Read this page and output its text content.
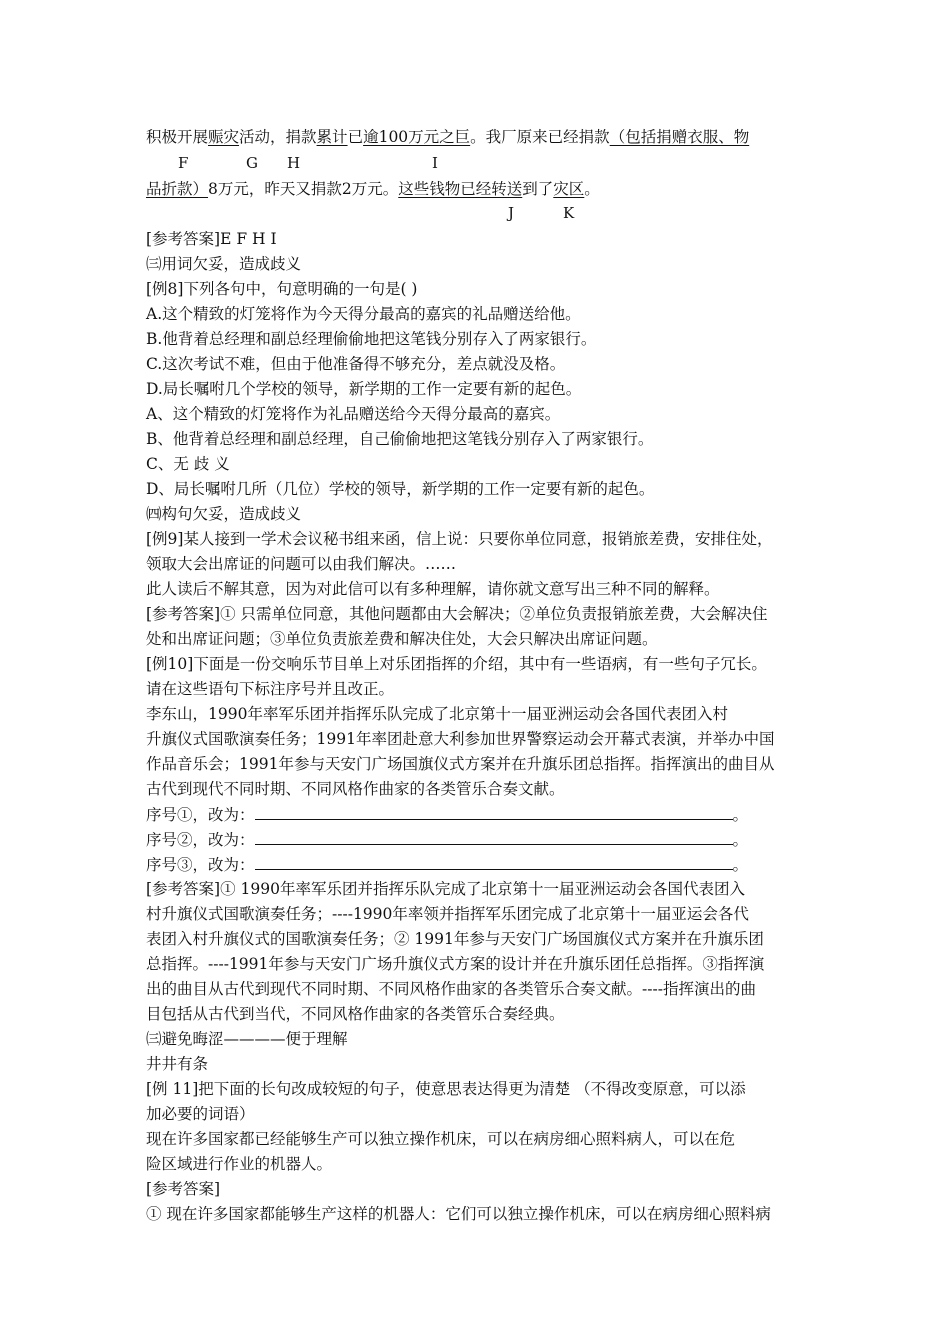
积极开展赈灾活动，捐款累计已逾100万元之巨。我厂原来已经捐款（包括捐赠衣服、物
F	G H	I
品折款）8万元，昨天又捐款2万元。这些钱物已经转送到了灾区。
J	K
[参考答案]E F H I
㈢用词欠妥，造成歧义
[例8]下列各句中，句意明确的一句是( )
A.这个精致的灯笼将作为今天得分最高的嘉宾的礼品赠送给他。
B.他背着总经理和副总经理偷偷地把这笔钱分别存入了两家银行。
C.这次考试不难，但由于他准备得不够充分，差点就没及格。
D.局长嘱咐几个学校的领导，新学期的工作一定要有新的起色。
A、这个精致的灯笼将作为礼品赠送给今天得分最高的嘉宾。
B、他背着总经理和副总经理，自己偷偷地把这笔钱分别存入了两家银行。
C、无 歧 义
D、局长嘱咐几所（几位）学校的领导，新学期的工作一定要有新的起色。
㈣构句欠妥，造成歧义
[例9]某人接到一学术会议秘书组来函，信上说：只要你单位同意，报销旅差费，安排住处，
领取大会出席证的问题可以由我们解决。……
此人读后不解其意，因为对此信可以有多种理解，请你就文意写出三种不同的解释。
[参考答案]① 只需单位同意，其他问题都由大会解决；②单位负责报销旅差费，大会解决住
处和出席证问题；③单位负责旅差费和解决住处，大会只解决出席证问题。
[例10]下面是一份交响乐节目单上对乐团指挥的介绍，其中有一些语病，有一些句子冗长。
请在这些语句下标注序号并且改正。
李东山，1990年率军乐团并指挥乐队完成了北京第十一届亚洲运动会各国代表团入村
升旗仪式国歌演奏任务；1991年率团赴意大利参加世界警察运动会开幕式表演，并举办中国
作品音乐会；1991年参与天安门广场国旗仪式方案并在升旗乐团总指挥。指挥演出的曲目从
古代到现代不同时期、不同风格作曲家的各类管乐合奏文献。
序号①，改为：	。
序号②，改为：	。
序号③，改为：	。
[参考答案]① 1990年率军乐团并指挥乐队完成了北京第十一届亚洲运动会各国代表团入
村升旗仪式国歌演奏任务；----1990年率领并指挥军乐团完成了北京第十一届亚运会各代
表团入村升旗仪式的国歌演奏任务；② 1991年参与天安门广场国旗仪式方案并在升旗乐团
总指挥。----1991年参与天安门广场升旗仪式方案的设计并在升旗乐团任总指挥。③指挥演
出的曲目从古代到现代不同时期、不同风格作曲家的各类管乐合奏文献。----指挥演出的曲
目包括从古代到当代，不同风格作曲家的各类管乐合奏经典。
㈢避免晦涩————便于理解
井井有条
[例 11]把下面的长句改成较短的句子，使意思表达得更为清楚 （不得改变原意，可以添
加必要的词语）
现在许多国家都已经能够生产可以独立操作机床，可以在病房细心照料病人，可以在危
险区域进行作业的机器人。
[参考答案]
① 现在许多国家都能够生产这样的机器人：它们可以独立操作机床，可以在病房细心照料病
